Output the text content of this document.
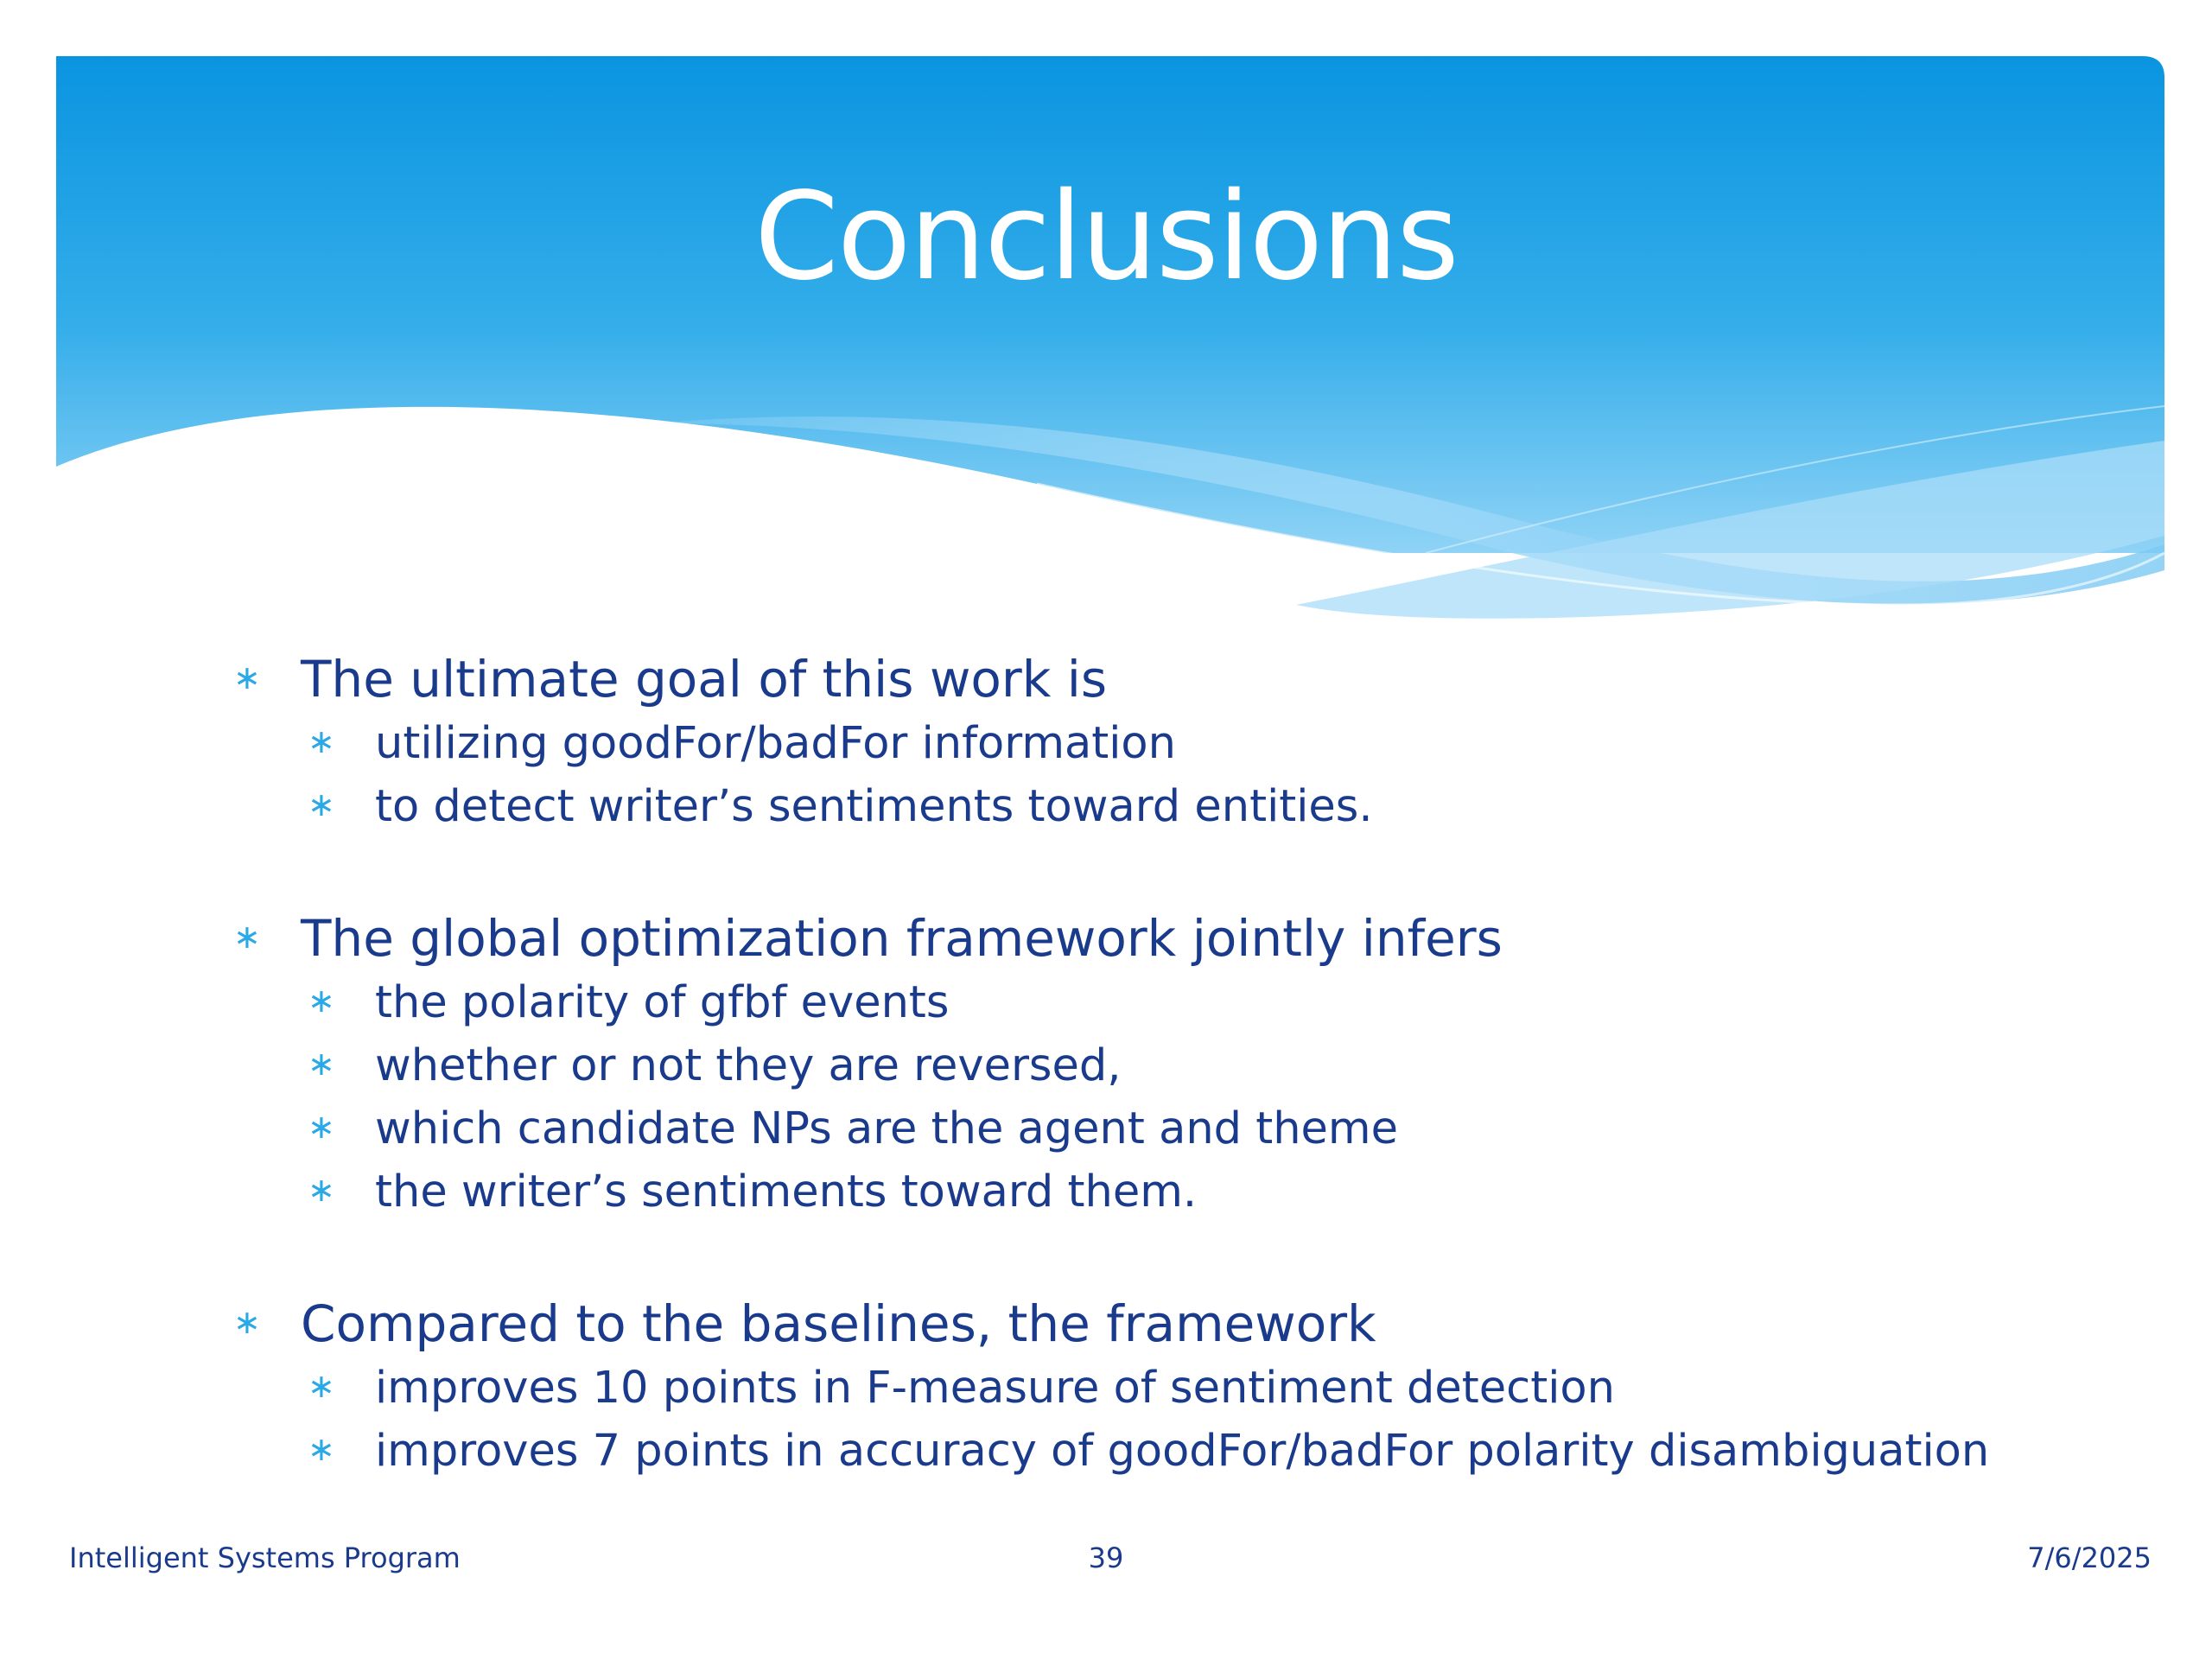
Conclusions
∗ The ultimate goal of this work is
∗ utilizing goodFor/badFor information
∗ to detect writer’s sentiments toward entities.
∗ The global optimization framework jointly infers
∗ the polarity of gfbf events
∗ whether or not they are reversed,
∗ which candidate NPs are the agent and theme
∗ the writer’s sentiments toward them.
∗ Compared to the baselines, the framework
∗ improves 10 points in F-measure of sentiment detection
∗ improves 7 points in accuracy of goodFor/badFor polarity disambiguation
Intelligent Systems Program	39	7/6/2025
